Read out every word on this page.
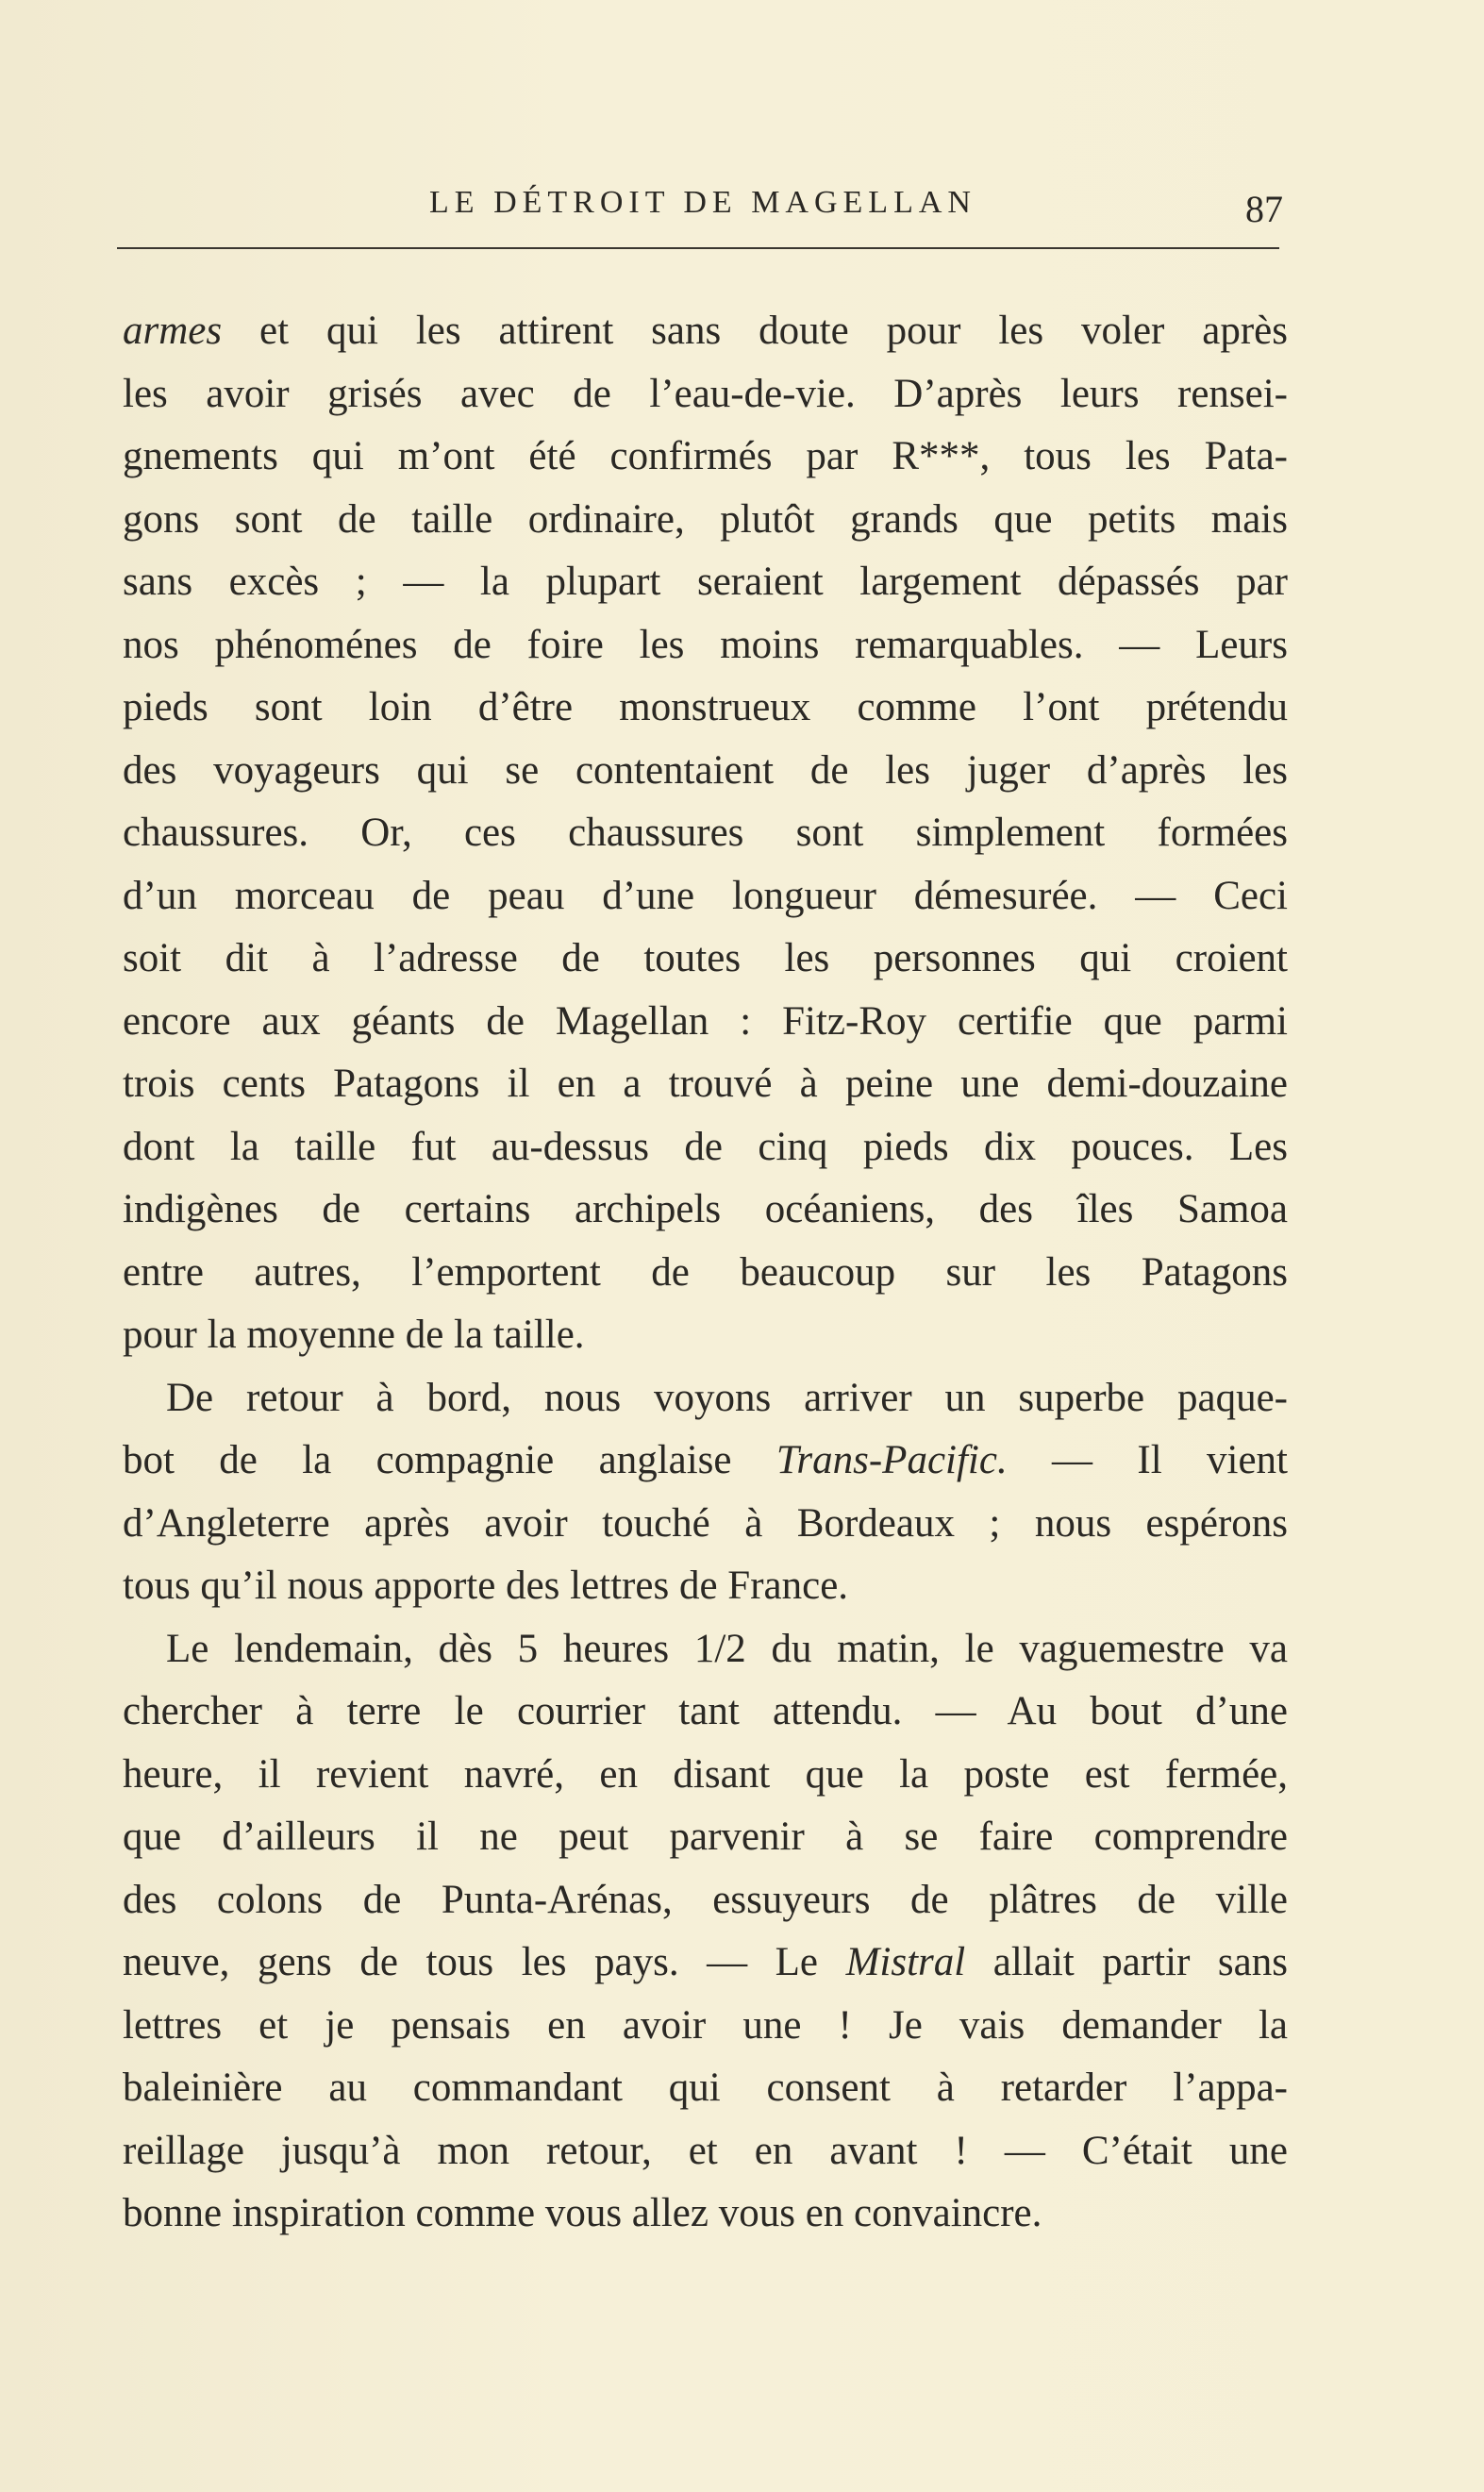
LE DÉTROIT DE MAGELLAN	87
armes et qui les attirent sans doute pour les voler après
les avoir grisés avec de l’eau-de-vie. D’après leurs rensei-
gnements qui m’ont été confirmés par R***, tous les Pata-
gons sont de taille ordinaire, plutôt grands que petits mais
sans excès ; — la plupart seraient largement dépassés par
nos phénoménes de foire les moins remarquables. — Leurs
pieds sont loin d’être monstrueux comme l’ont prétendu
des voyageurs qui se contentaient de les juger d’après les
chaussures. Or, ces chaussures sont simplement formées
d’un morceau de peau d’une longueur démesurée. — Ceci
soit dit à l’adresse de toutes les personnes qui croient
encore aux géants de Magellan : Fitz-Roy certifie que parmi
trois cents Patagons il en a trouvé à peine une demi-douzaine
dont la taille fut au-dessus de cinq pieds dix pouces. Les
indigènes de certains archipels océaniens, des îles Samoa
entre autres, l’emportent de beaucoup sur les Patagons
pour la moyenne de la taille.
De retour à bord, nous voyons arriver un superbe paque-
bot de la compagnie anglaise Trans-Pacific. — Il vient
d’Angleterre après avoir touché à Bordeaux ; nous espérons
tous qu’il nous apporte des lettres de France.
Le lendemain, dès 5 heures 1/2 du matin, le vaguemestre va
chercher à terre le courrier tant attendu. — Au bout d’une
heure, il revient navré, en disant que la poste est fermée,
que d’ailleurs il ne peut parvenir à se faire comprendre
des colons de Punta-Arénas, essuyeurs de plâtres de ville
neuve, gens de tous les pays. — Le Mistral allait partir sans
lettres et je pensais en avoir une ! Je vais demander la
baleinière au commandant qui consent à retarder l’appa-
reillage jusqu’à mon retour, et en avant ! — C’était une
bonne inspiration comme vous allez vous en convaincre.
